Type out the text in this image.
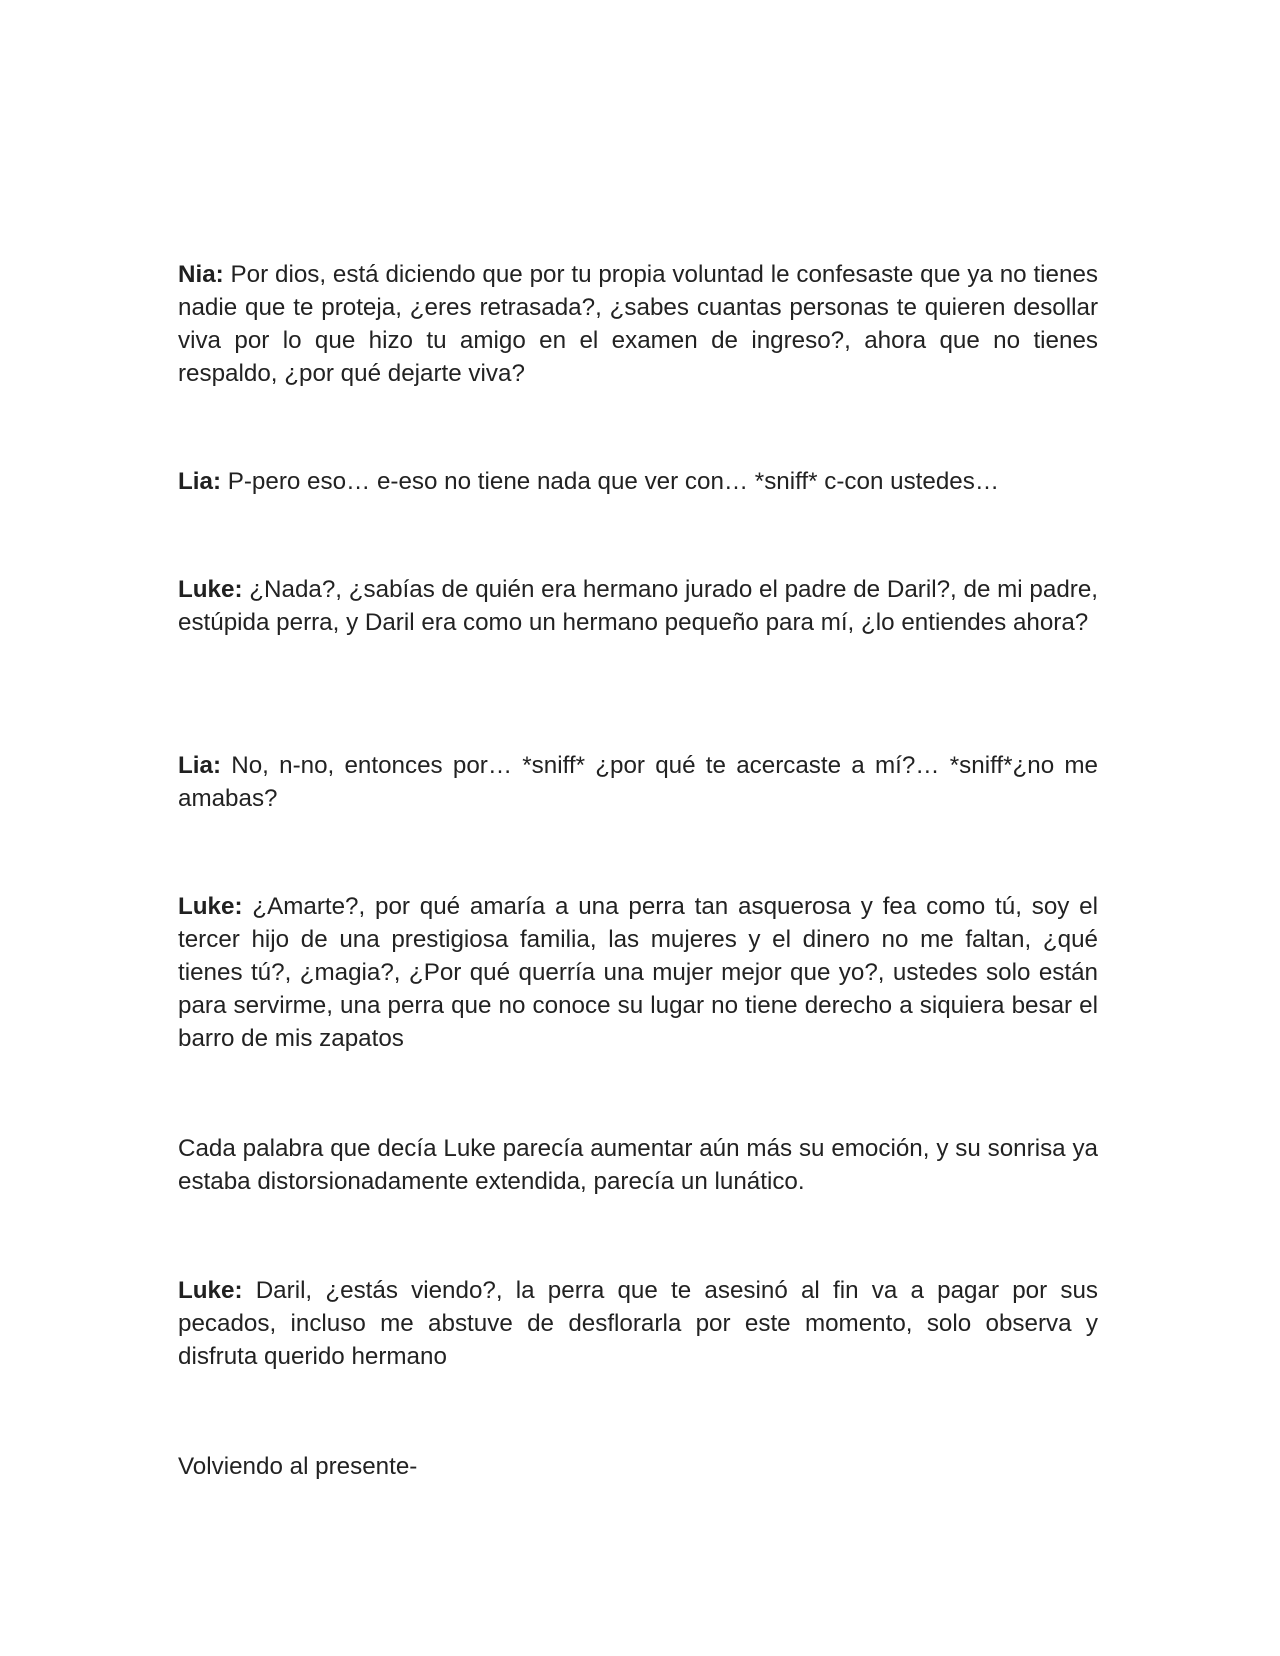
Nia: Por dios, está diciendo que por tu propia voluntad le confesaste que ya no tienes nadie que te proteja, ¿eres retrasada?, ¿sabes cuantas personas te quieren desollar viva por lo que hizo tu amigo en el examen de ingreso?, ahora que no tienes respaldo, ¿por qué dejarte viva?

Lia: P-pero eso… e-eso no tiene nada que ver con… *sniff* c-con ustedes…

Luke: ¿Nada?, ¿sabías de quién era hermano jurado el padre de Daril?, de mi padre, estúpida perra, y Daril era como un hermano pequeño para mí, ¿lo entiendes ahora?

Lia: No, n-no, entonces por… *sniff* ¿por qué te acercaste a mí?… *sniff*¿no me amabas?

Luke: ¿Amarte?, por qué amaría a una perra tan asquerosa y fea como tú, soy el tercer hijo de una prestigiosa familia, las mujeres y el dinero no me faltan, ¿qué tienes tú?, ¿magia?, ¿Por qué querría una mujer mejor que yo?, ustedes solo están para servirme, una perra que no conoce su lugar no tiene derecho a siquiera besar el barro de mis zapatos

Cada palabra que decía Luke parecía aumentar aún más su emoción, y su sonrisa ya estaba distorsionadamente extendida, parecía un lunático.

Luke: Daril, ¿estás viendo?, la perra que te asesinó al fin va a pagar por sus pecados, incluso me abstuve de desflorarla por este momento, solo observa y disfruta querido hermano

Volviendo al presente-
